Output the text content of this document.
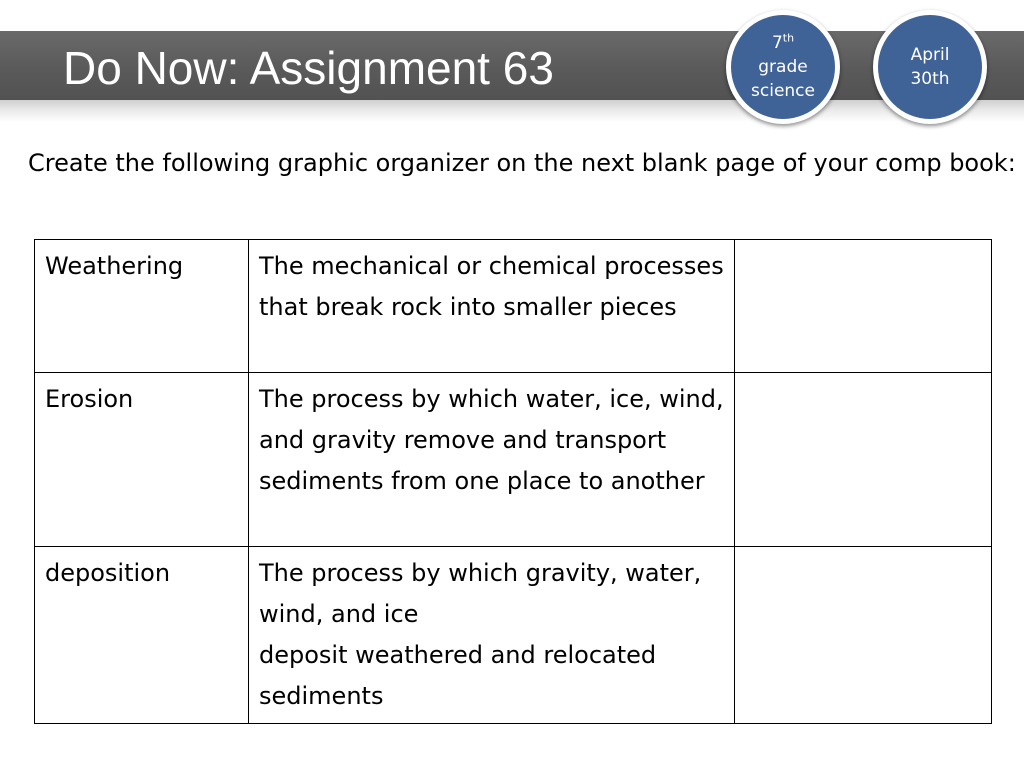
Do Now: Assignment 63	7th
grade
science
April
30th

Create the following graphic organizer on the next blank page of your comp book:

Weathering	The mechanical or chemical processes that break rock into smaller pieces	

Erosion	The process by which water, ice, wind, and gravity remove and transport sediments from one place to another	

deposition	The process by which gravity, water, wind, and ice
deposit weathered and relocated sediments	
